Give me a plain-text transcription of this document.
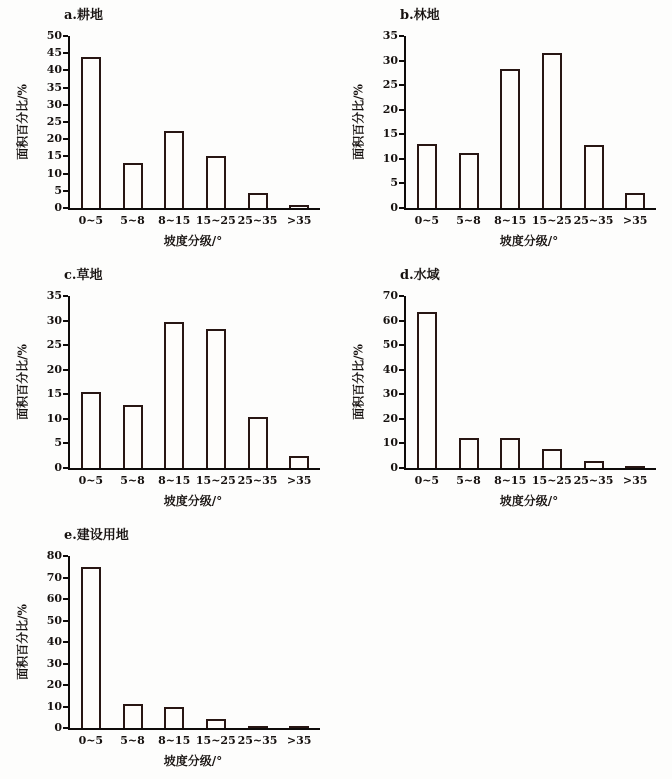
a.耕地
面积百分比/%
坡度分级/°
0
5
10
15
20
25
30
35
40
45
50
0~5 5~8 8~15 15~25 25~35 >35
b.林地
面积百分比/%
坡度分级/°
0
5
10
15
20
25
30
35
0~5 5~8 8~15 15~25 25~35 >35
c.草地
面积百分比/%
坡度分级/°
0
5
10
15
20
25
30
35
0~5 5~8 8~15 15~25 25~35 >35
d.水域
面积百分比/%
坡度分级/°
0
10
20
30
40
50
60
70
0~5 5~8 8~15 15~25 25~35 >35
e.建设用地
面积百分比/%
坡度分级/°
0
10
20
30
40
50
60
70
80
0~5 5~8 8~15 15~25 25~35 >35
